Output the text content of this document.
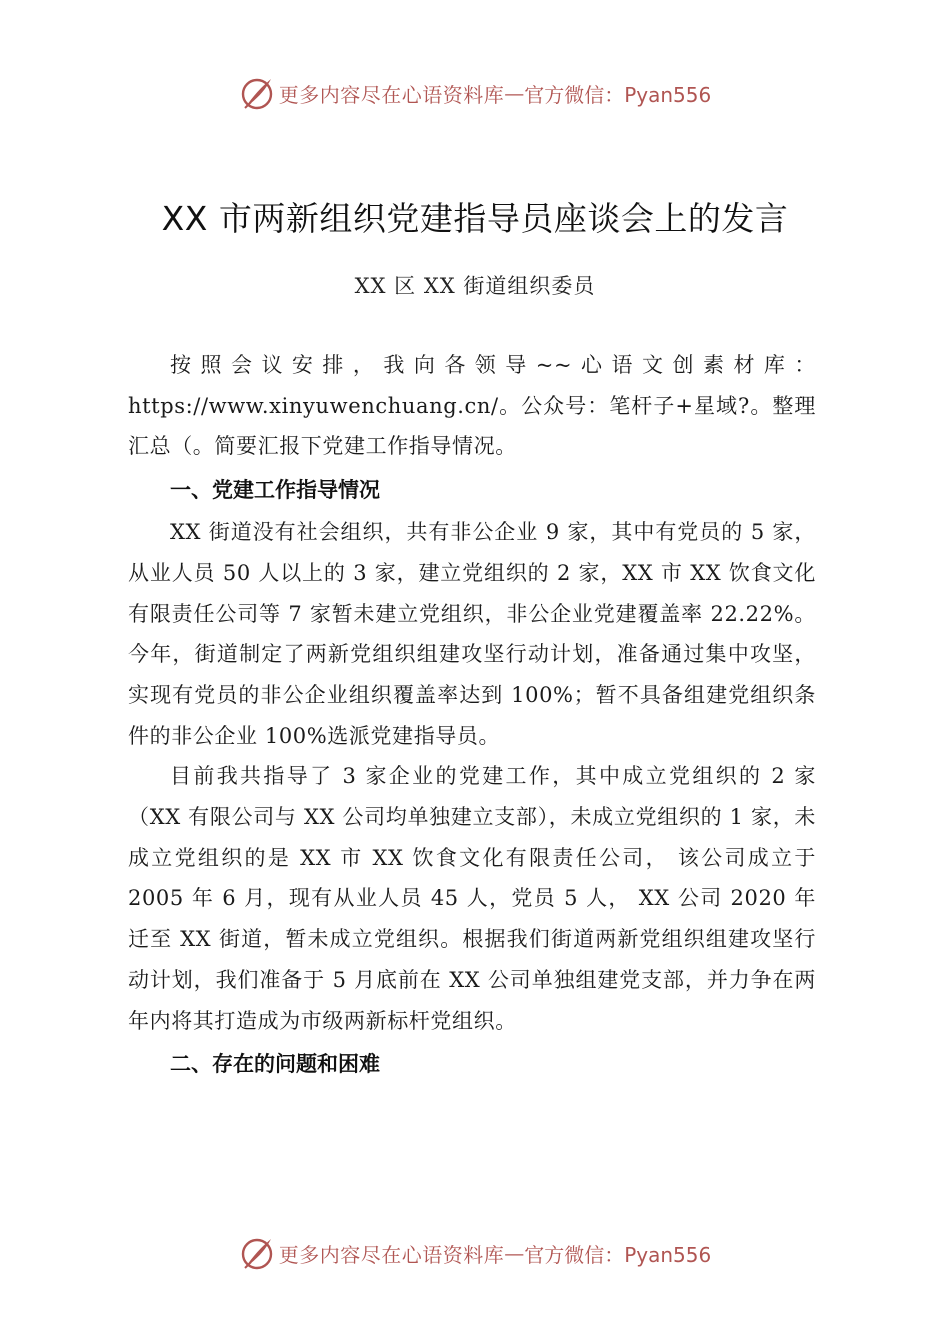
更多内容尽在心语资料库 — 官方微信：Pyan556
XX 市两新组织党建指导员座谈会上的发言
XX 区 XX 街道组织委员

按照会议安排，我向各领导~~心语文创素材库：https://www.xinyuwenchuang.cn/。公众号：笔杆子+星域?。整理汇总（。简要汇报下党建工作指导情况。

一、党建工作指导情况

XX 街道没有社会组织，共有非公企业 9 家，其中有党员的 5 家，从业人员 50 人以上的 3 家，建立党组织的 2 家，XX 市 XX 饮食文化有限责任公司等 7 家暂未建立党组织，非公企业党建覆盖率 22.22%。今年，街道制定了两新党组织组建攻坚行动计划，准备通过集中攻坚，实现有党员的非公企业组织覆盖率达到 100%；暂不具备组建党组织条件的非公企业 100%选派党建指导员。

目前我共指导了 3 家企业的党建工作，其中成立党组织的 2 家（XX 有限公司与 XX 公司均单独建立支部），未成立党组织的 1 家，未成立党组织的是 XX 市 XX 饮食文化有限责任公司， 该公司成立于 2005 年 6 月，现有从业人员 45 人，党员 5 人， XX 公司 2020 年迁至 XX 街道，暂未成立党组织。根据我们街道两新党组织组建攻坚行动计划，我们准备于 5 月底前在 XX 公司单独组建党支部，并力争在两年内将其打造成为市级两新标杆党组织。

二、存在的问题和困难
更多内容尽在心语资料库 — 官方微信：Pyan556
